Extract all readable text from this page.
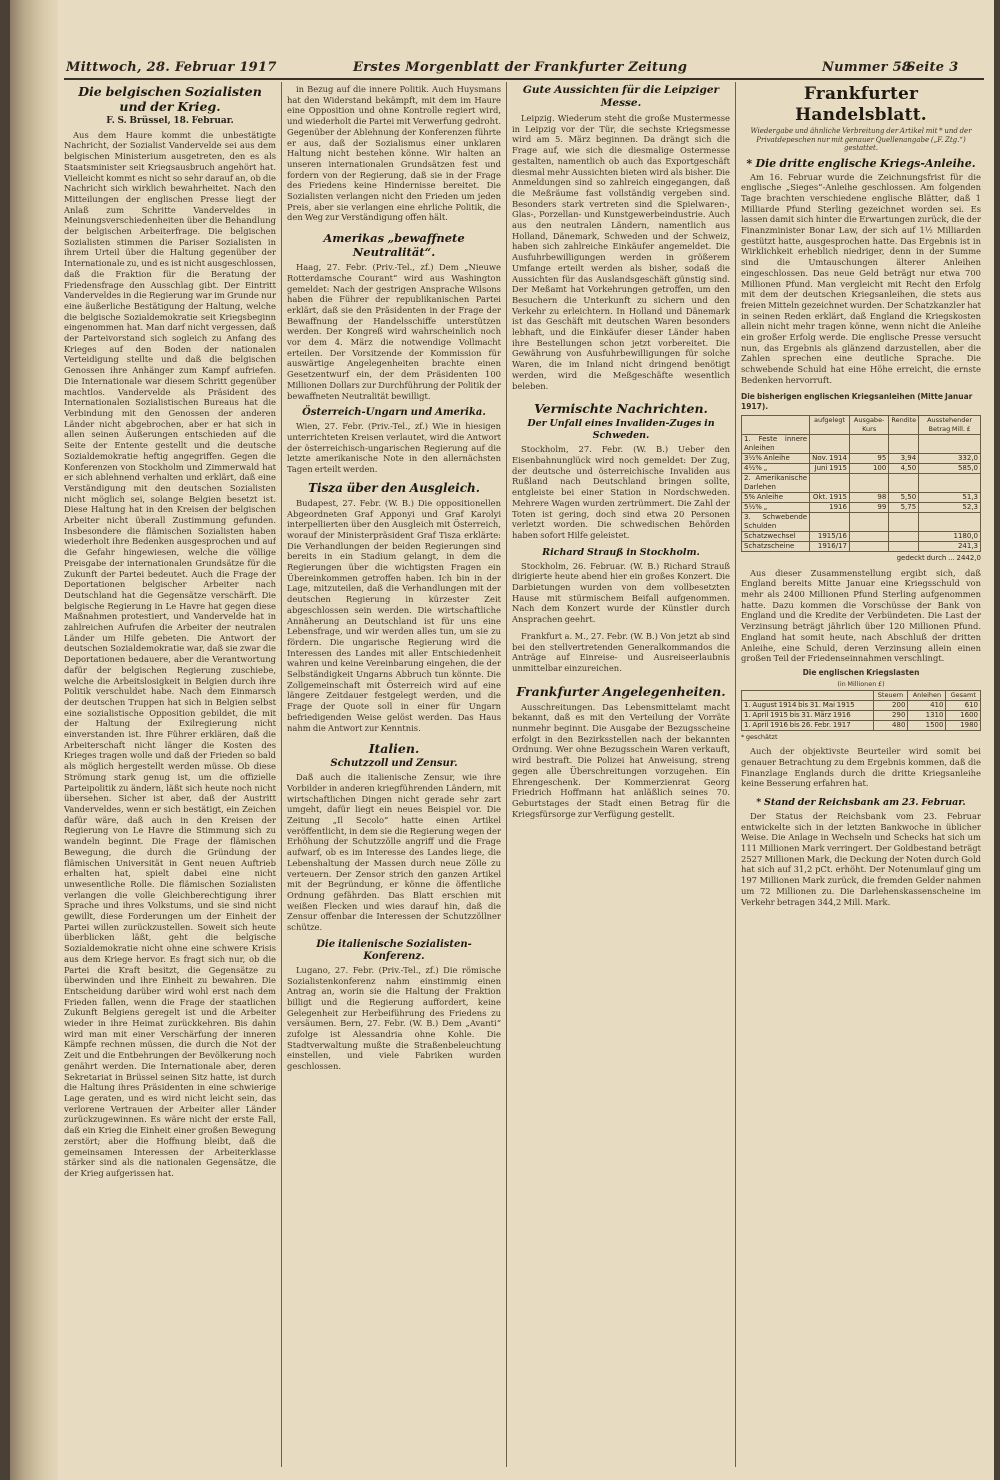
Mittwoch, 28. Februar 1917	Erstes Morgenblatt der Frankfurter Zeitung	Nummer 58
Seite 3
Die belgischen Sozialisten und der Krieg.
F. S. Brüssel, 18. Februar.

Aus dem Haure kommt die unbestätigte Nachricht, der Sozialist Vandervelde sei aus dem belgischen Ministerium ausgetreten, den es als Staatsminister seit Kriegsausbruch angehört hat. Vielleicht kommt es nicht so sehr darauf an, ob die Nachricht sich wirklich bewahrheitet. Nach den Mitteilungen der englischen Presse liegt der Anlaß zum Schritte Vanderveldes in Meinungsverschiedenheiten über die Behandlung der belgischen Arbeiterfrage. Die belgischen Sozialisten stimmen die Pariser Sozialisten in ihrem Urteil über die Haltung gegenüber der Internationale zu, und es ist nicht ausgeschlossen, daß die Fraktion für die Beratung der Friedensfrage den Ausschlag gibt. Der Eintritt Vanderveldes in die Regierung war im Grunde nur eine äußerliche Bestätigung der Haltung, welche die belgische Sozialdemokratie seit Kriegsbeginn eingenommen hat. Man darf nicht vergessen, daß der Parteivorstand sich sogleich zu Anfang des Krieges auf den Boden der nationalen Verteidigung stellte und daß die belgischen Genossen ihre Anhänger zum Kampf aufriefen. Die Internationale war diesem Schritt gegenüber machtlos. Vandervelde als Präsident des Internationalen Sozialistischen Bureaus hat die Verbindung mit den Genossen der anderen Länder nicht abgebrochen, aber er hat sich in allen seinen Äußerungen entschieden auf die Seite der Entente gestellt und die deutsche Sozialdemokratie heftig angegriffen. Gegen die Konferenzen von Stockholm und Zimmerwald hat er sich ablehnend verhalten und erklärt, daß eine Verständigung mit den deutschen Sozialisten nicht möglich sei, solange Belgien besetzt ist. Diese Haltung hat in den Kreisen der belgischen Arbeiter nicht überall Zustimmung gefunden. Insbesondere die flämischen Sozialisten haben wiederholt ihre Bedenken ausgesprochen und auf die Gefahr hingewiesen, welche die völlige Preisgabe der internationalen Grundsätze für die Zukunft der Partei bedeutet. Auch die Frage der Deportationen belgischer Arbeiter nach Deutschland hat die Gegensätze verschärft. Die belgische Regierung in Le Havre hat gegen diese Maßnahmen protestiert, und Vandervelde hat in zahlreichen Aufrufen die Arbeiter der neutralen Länder um Hilfe gebeten. Die Antwort der deutschen Sozialdemokratie war, daß sie zwar die Deportationen bedauere, aber die Verantwortung dafür der belgischen Regierung zuschiebe, welche die Arbeitslosigkeit in Belgien durch ihre Politik verschuldet habe. Nach dem Einmarsch der deutschen Truppen hat sich in Belgien selbst eine sozialistische Opposition gebildet, die mit der Haltung der Exilregierung nicht einverstanden ist. Ihre Führer erklären, daß die Arbeiterschaft nicht länger die Kosten des Krieges tragen wolle und daß der Frieden so bald als möglich hergestellt werden müsse. Ob diese Strömung stark genug ist, um die offizielle Parteipolitik zu ändern, läßt sich heute noch nicht übersehen. Sicher ist aber, daß der Austritt Vanderveldes, wenn er sich bestätigt, ein Zeichen dafür wäre, daß auch in den Kreisen der Regierung von Le Havre die Stimmung sich zu wandeln beginnt. Die Frage der flämischen Bewegung, die durch die Gründung der flämischen Universität in Gent neuen Auftrieb erhalten hat, spielt dabei eine nicht unwesentliche Rolle. Die flämischen Sozialisten verlangen die volle Gleichberechtigung ihrer Sprache und ihres Volkstums, und sie sind nicht gewillt, diese Forderungen um der Einheit der Partei willen zurückzustellen. Soweit sich heute überblicken läßt, geht die belgische Sozialdemokratie nicht ohne eine schwere Krisis aus dem Kriege hervor. Es fragt sich nur, ob die Partei die Kraft besitzt, die Gegensätze zu überwinden und ihre Einheit zu bewahren. Die Entscheidung darüber wird wohl erst nach dem Frieden fallen, wenn die Frage der staatlichen Zukunft Belgiens geregelt ist und die Arbeiter wieder in ihre Heimat zurückkehren. Bis dahin wird man mit einer Verschärfung der inneren Kämpfe rechnen müssen, die durch die Not der Zeit und die Entbehrungen der Bevölkerung noch genährt werden. Die Internationale aber, deren Sekretariat in Brüssel seinen Sitz hatte, ist durch die Haltung ihres Präsidenten in eine schwierige Lage geraten, und es wird nicht leicht sein, das verlorene Vertrauen der Arbeiter aller Länder zurückzugewinnen. Es wäre nicht der erste Fall, daß ein Krieg die Einheit einer großen Bewegung zerstört; aber die Hoffnung bleibt, daß die gemeinsamen Interessen der Arbeiterklasse stärker sind als die nationalen Gegensätze, die der Krieg aufgerissen hat.

in Bezug auf die innere Politik. Auch Huysmans hat den Widerstand bekämpft, mit dem im Haure eine Opposition und ohne Kontrolle regiert wird, und wiederholt die Partei mit Verwerfung gedroht. Gegenüber der Ablehnung der Konferenzen führte er aus, daß der Sozialismus einer unklaren Haltung nicht bestehen könne. Wir halten an unseren internationalen Grundsätzen fest und fordern von der Regierung, daß sie in der Frage des Friedens keine Hindernisse bereitet. Die Sozialisten verlangen nicht den Frieden um jeden Preis, aber sie verlangen eine ehrliche Politik, die den Weg zur Verständigung offen hält.

Amerikas „bewaffnete Neutralität“.

Haag, 27. Febr. (Priv.-Tel., zf.) Dem „Nieuwe Rotterdamsche Courant“ wird aus Washington gemeldet: Nach der gestrigen Ansprache Wilsons haben die Führer der republikanischen Partei erklärt, daß sie den Präsidenten in der Frage der Bewaffnung der Handelsschiffe unterstützen werden. Der Kongreß wird wahrscheinlich noch vor dem 4. März die notwendige Vollmacht erteilen. Der Vorsitzende der Kommission für auswärtige Angelegenheiten brachte einen Gesetzentwurf ein, der dem Präsidenten 100 Millionen Dollars zur Durchführung der Politik der bewaffneten Neutralität bewilligt.

Österreich-Ungarn und Amerika.

Wien, 27. Febr. (Priv.-Tel., zf.) Wie in hiesigen unterrichteten Kreisen verlautet, wird die Antwort der österreichisch-ungarischen Regierung auf die letzte amerikanische Note in den allernächsten Tagen erteilt werden.

Tisza über den Ausgleich.

Budapest, 27. Febr. (W. B.) Die oppositionellen Abgeordneten Graf Apponyi und Graf Karolyi interpellierten über den Ausgleich mit Österreich, worauf der Ministerpräsident Graf Tisza erklärte: Die Verhandlungen der beiden Regierungen sind bereits in ein Stadium gelangt, in dem die Regierungen über die wichtigsten Fragen ein Übereinkommen getroffen haben. Ich bin in der Lage, mitzuteilen, daß die Verhandlungen mit der deutschen Regierung in kürzester Zeit abgeschlossen sein werden. Die wirtschaftliche Annäherung an Deutschland ist für uns eine Lebensfrage, und wir werden alles tun, um sie zu fördern. Die ungarische Regierung wird die Interessen des Landes mit aller Entschiedenheit wahren und keine Vereinbarung eingehen, die der Selbständigkeit Ungarns Abbruch tun könnte. Die Zollgemeinschaft mit Österreich wird auf eine längere Zeitdauer festgelegt werden, und die Frage der Quote soll in einer für Ungarn befriedigenden Weise gelöst werden. Das Haus nahm die Antwort zur Kenntnis.

Italien.
Schutzzoll und Zensur.

Daß auch die italienische Zensur, wie ihre Vorbilder in anderen kriegführenden Ländern, mit wirtschaftlichen Dingen nicht gerade sehr zart umgeht, dafür liegt ein neues Beispiel vor. Die Zeitung „Il Secolo“ hatte einen Artikel veröffentlicht, in dem sie die Regierung wegen der Erhöhung der Schutzzölle angriff und die Frage aufwarf, ob es im Interesse des Landes liege, die Lebenshaltung der Massen durch neue Zölle zu verteuern. Der Zensor strich den ganzen Artikel mit der Begründung, er könne die öffentliche Ordnung gefährden. Das Blatt erschien mit weißen Flecken und wies darauf hin, daß die Zensur offenbar die Interessen der Schutzzöllner schütze.

Die italienische Sozialisten-Konferenz.

Lugano, 27. Febr. (Priv.-Tel., zf.) Die römische Sozialistenkonferenz nahm einstimmig einen Antrag an, worin sie die Haltung der Fraktion billigt und die Regierung auffordert, keine Gelegenheit zur Herbeiführung des Friedens zu versäumen. Bern, 27. Febr. (W. B.) Dem „Avanti“ zufolge ist Alessandria ohne Kohle. Die Stadtverwaltung mußte die Straßenbeleuchtung einstellen, und viele Fabriken wurden geschlossen.

Gute Aussichten für die Leipziger Messe.

Leipzig. Wiederum steht die große Mustermesse in Leipzig vor der Tür, die sechste Kriegsmesse wird am 5. März beginnen. Da drängt sich die Frage auf, wie sich die diesmalige Ostermesse gestalten, namentlich ob auch das Exportgeschäft diesmal mehr Aussichten bieten wird als bisher. Die Anmeldungen sind so zahlreich eingegangen, daß die Meßräume fast vollständig vergeben sind. Besonders stark vertreten sind die Spielwaren-, Glas-, Porzellan- und Kunstgewerbeindustrie. Auch aus den neutralen Ländern, namentlich aus Holland, Dänemark, Schweden und der Schweiz, haben sich zahlreiche Einkäufer angemeldet. Die Ausfuhrbewilligungen werden in größerem Umfange erteilt werden als bisher, sodaß die Aussichten für das Auslandsgeschäft günstig sind. Der Meßamt hat Vorkehrungen getroffen, um den Besuchern die Unterkunft zu sichern und den Verkehr zu erleichtern. In Holland und Dänemark ist das Geschäft mit deutschen Waren besonders lebhaft, und die Einkäufer dieser Länder haben ihre Bestellungen schon jetzt vorbereitet. Die Gewährung von Ausfuhrbewilligungen für solche Waren, die im Inland nicht dringend benötigt werden, wird die Meßgeschäfte wesentlich beleben.

Vermischte Nachrichten.
Der Unfall eines Invaliden-Zuges in Schweden.

Stockholm, 27. Febr. (W. B.) Ueber den Eisenbahnunglück wird noch gemeldet: Der Zug, der deutsche und österreichische Invaliden aus Rußland nach Deutschland bringen sollte, entgleiste bei einer Station in Nordschweden. Mehrere Wagen wurden zertrümmert. Die Zahl der Toten ist gering, doch sind etwa 20 Personen verletzt worden. Die schwedischen Behörden haben sofort Hilfe geleistet.

Richard Strauß in Stockholm.

Stockholm, 26. Februar. (W. B.) Richard Strauß dirigierte heute abend hier ein großes Konzert. Die Darbietungen wurden von dem vollbesetzten Hause mit stürmischem Beifall aufgenommen. Nach dem Konzert wurde der Künstler durch Ansprachen geehrt.

Frankfurt a. M., 27. Febr. (W. B.) Von jetzt ab sind bei den stellvertretenden Generalkommandos die Anträge auf Einreise- und Ausreiseerlaubnis unmittelbar einzureichen.

Frankfurter Angelegenheiten.

Ausschreitungen. Das Lebensmittelamt macht bekannt, daß es mit den Verteilung der Vorräte nunmehr beginnt. Die Ausgabe der Bezugsscheine erfolgt in den Bezirksstellen nach der bekannten Ordnung. Wer ohne Bezugsschein Waren verkauft, wird bestraft. Die Polizei hat Anweisung, streng gegen alle Überschreitungen vorzugehen. Ein Ehrengeschenk. Der Kommerzienrat Georg Friedrich Hoffmann hat anläßlich seines 70. Geburtstages der Stadt einen Betrag für die Kriegsfürsorge zur Verfügung gestellt.

Frankfurter Handelsblatt.
Wiedergabe und ähnliche Verbreitung der Artikel mit * und der Privatdepeschen nur mit genauer Quellenangabe („F. Ztg.“) gestattet.
* Die dritte englische Kriegs-Anleihe.

Am 16. Februar wurde die Zeichnungsfrist für die englische „Sieges“-Anleihe geschlossen. Am folgenden Tage brachten verschiedene englische Blätter, daß 1 Milliarde Pfund Sterling gezeichnet worden sei. Es lassen damit sich hinter die Erwartungen zurück, die der Finanzminister Bonar Law, der sich auf 1½ Milliarden gestützt hatte, ausgesprochen hatte. Das Ergebnis ist in Wirklichkeit erheblich niedriger, denn in der Summe sind die Umtauschungen älterer Anleihen eingeschlossen. Das neue Geld beträgt nur etwa 700 Millionen Pfund. Man vergleicht mit Recht den Erfolg mit dem der deutschen Kriegsanleihen, die stets aus freien Mitteln gezeichnet wurden. Der Schatzkanzler hat in seinen Reden erklärt, daß England die Kriegskosten allein nicht mehr tragen könne, wenn nicht die Anleihe ein großer Erfolg werde. Die englische Presse versucht nun, das Ergebnis als glänzend darzustellen, aber die Zahlen sprechen eine deutliche Sprache. Die schwebende Schuld hat eine Höhe erreicht, die ernste Bedenken hervorruft.

Die bisherigen englischen Kriegsanleihen (Mitte Januar 1917).
	aufgelegt	Ausgabe-Kurs	Rendite	Ausstehender Betrag Mill. £
1. Feste innere Anleihen				
3½% Anleihe	Nov. 1914	95	3,94	332,0
4½% „	Juni 1915	100	4,50	585,0
2. Amerikanische Darlehen				
5% Anleihe	Okt. 1915	98	5,50	51,3
5½% „	1916	99	5,75	52,3
3. Schwebende Schulden				
Schatzwechsel	1915/16			1180,0
Schatzscheine	1916/17			241,3
gedeckt durch ... 2442,0

Aus dieser Zusammenstellung ergibt sich, daß England bereits Mitte Januar eine Kriegsschuld von mehr als 2400 Millionen Pfund Sterling aufgenommen hatte. Dazu kommen die Vorschüsse der Bank von England und die Kredite der Verbündeten. Die Last der Verzinsung beträgt jährlich über 120 Millionen Pfund. England hat somit heute, nach Abschluß der dritten Anleihe, eine Schuld, deren Verzinsung allein einen großen Teil der Friedenseinnahmen verschlingt.

Die englischen Kriegslasten
(in Millionen £)
	Steuern	Anleihen	Gesamt
1. August 1914 bis 31. Mai 1915	200	410	610
1. April 1915 bis 31. März 1916	290	1310	1600
1. April 1916 bis 26. Febr. 1917	480	1500	1980
* geschätzt

Auch der objektivste Beurteiler wird somit bei genauer Betrachtung zu dem Ergebnis kommen, daß die Finanzlage Englands durch die dritte Kriegsanleihe keine Besserung erfahren hat.

* Stand der Reichsbank am 23. Februar.

Der Status der Reichsbank vom 23. Februar entwickelte sich in der letzten Bankwoche in üblicher Weise. Die Anlage in Wechseln und Schecks hat sich um 111 Millionen Mark verringert. Der Goldbestand beträgt 2527 Millionen Mark, die Deckung der Noten durch Gold hat sich auf 31,2 pCt. erhöht. Der Notenumlauf ging um 197 Millionen Mark zurück, die fremden Gelder nahmen um 72 Millionen zu. Die Darlehenskassenscheine im Verkehr betragen 344,2 Mill. Mark.
